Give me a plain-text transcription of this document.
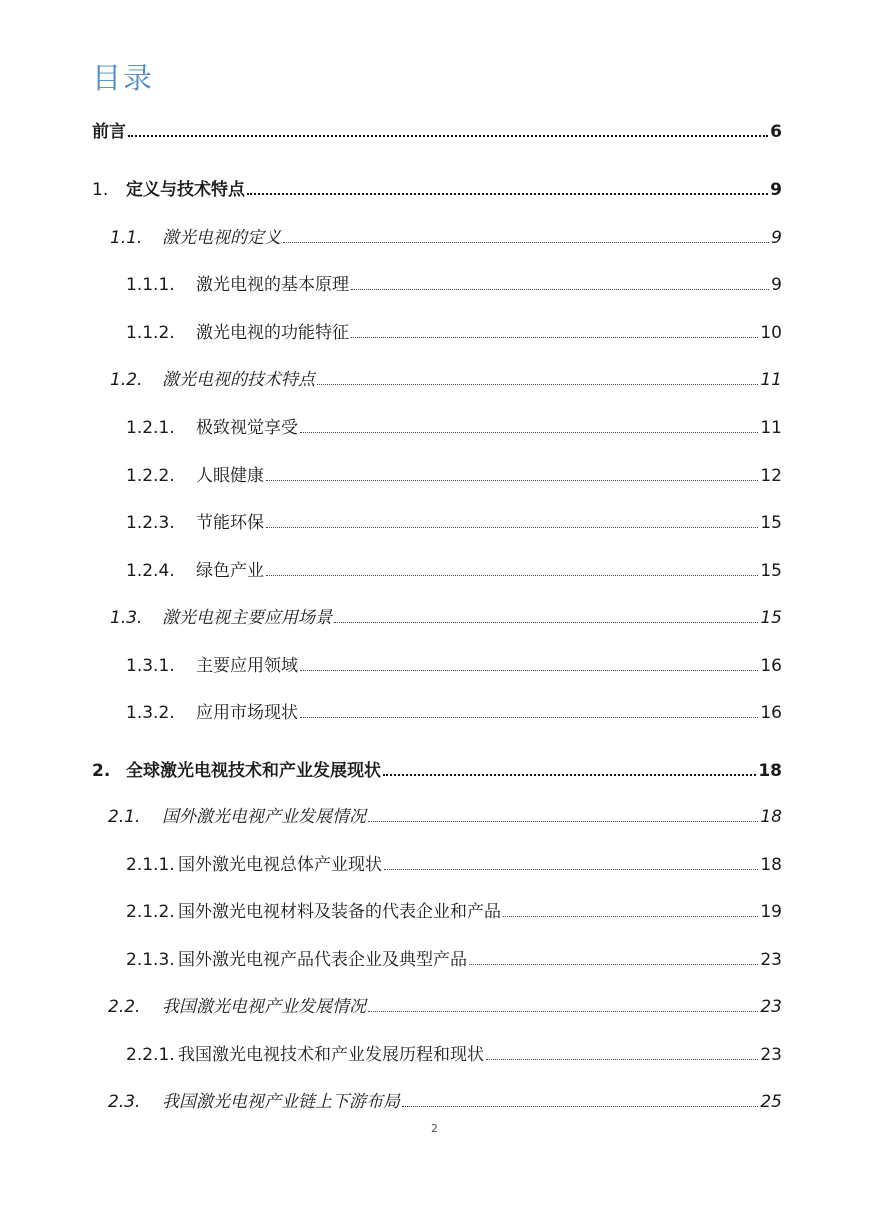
目录
前言	6
1.	定义与技术特点	9
1.1.	激光电视的定义	9
1.1.1.	激光电视的基本原理	9
1.1.2.	激光电视的功能特征	10
1.2.	激光电视的技术特点	11
1.2.1.	极致视觉享受	11
1.2.2.	人眼健康	12
1.2.3.	节能环保	15
1.2.4.	绿色产业	15
1.3.	激光电视主要应用场景	15
1.3.1.	主要应用领域	16
1.3.2.	应用市场现状	16
2. 全球激光电视技术和产业发展现状	18
2.1.	国外激光电视产业发展情况	18
2.1.1. 国外激光电视总体产业现状	18
2.1.2. 国外激光电视材料及装备的代表企业和产品	19
2.1.3. 国外激光电视产品代表企业及典型产品	23
2.2.	我国激光电视产业发展情况	23
2.2.1. 我国激光电视技术和产业发展历程和现状	23
2.3.	我国激光电视产业链上下游布局	25
2
